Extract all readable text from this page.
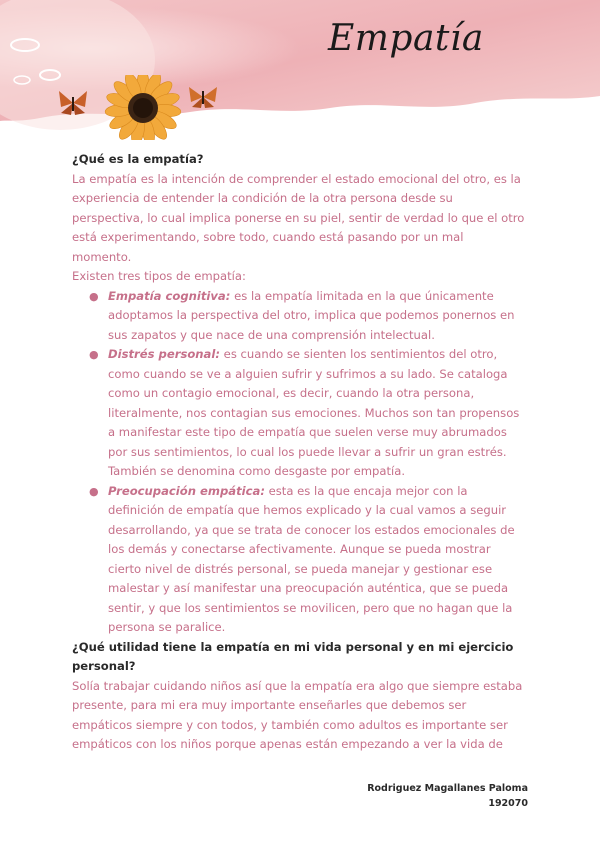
Empatía

¿Qué es la empatía?

La empatía es la intención de comprender el estado emocional del otro, es la experiencia de entender la condición de la otra persona desde su perspectiva, lo cual implica ponerse en su piel, sentir de verdad lo que el otro está experimentando, sobre todo, cuando está pasando por un mal momento.

Existen tres tipos de empatía:

● Empatía cognitiva: es la empatía limitada en la que únicamente adoptamos la perspectiva del otro, implica que podemos ponernos en sus zapatos y que nace de una comprensión intelectual.
● Distrés personal: es cuando se sienten los sentimientos del otro, como cuando se ve a alguien sufrir y sufrimos a su lado. Se cataloga como un contagio emocional, es decir, cuando la otra persona, literalmente, nos contagian sus emociones. Muchos son tan propensos a manifestar este tipo de empatía que suelen verse muy abrumados por sus sentimientos, lo cual los puede llevar a sufrir un gran estrés. También se denomina como desgaste por empatía.
● Preocupación empática: esta es la que encaja mejor con la definición de empatía que hemos explicado y la cual vamos a seguir desarrollando, ya que se trata de conocer los estados emocionales de los demás y conectarse afectivamente. Aunque se pueda mostrar cierto nivel de distrés personal, se pueda manejar y gestionar ese malestar y así manifestar una preocupación auténtica, que se pueda sentir, y que los sentimientos se movilicen, pero que no hagan que la persona se paralice.

¿Qué utilidad tiene la empatía en mi vida personal y en mi ejercicio personal?

Solía trabajar cuidando niños así que la empatía era algo que siempre estaba presente, para mi era muy importante enseñarles que debemos ser empáticos siempre y con todos, y también como adultos es importante ser empáticos con los niños porque apenas están empezando a ver la vida de

Rodriguez Magallanes Paloma
192070
